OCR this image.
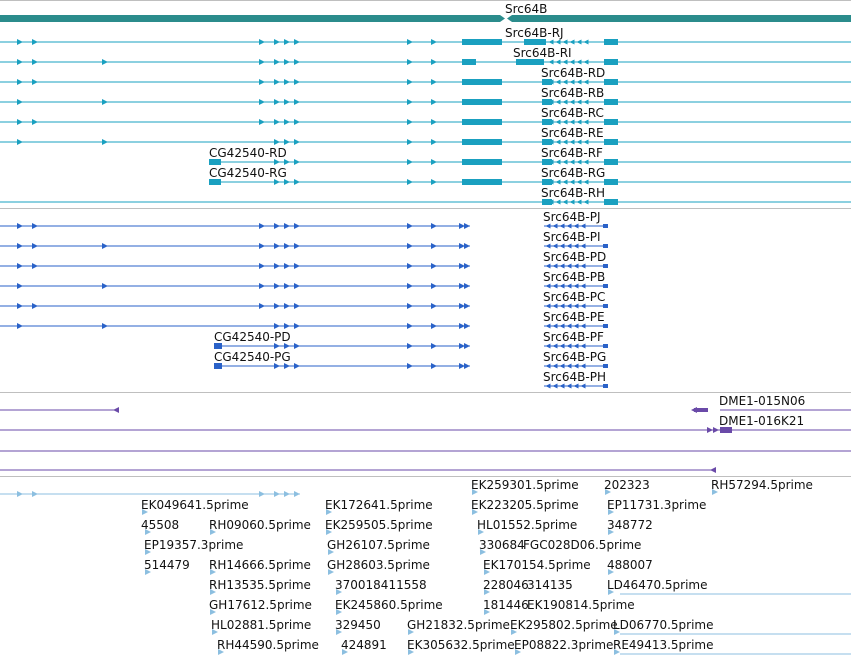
Src64B
Src64B-RJ
Src64B-RI
Src64B-RD
Src64B-RB
Src64B-RC
Src64B-RE
Src64B-RF
Src64B-RG
Src64B-RH
CG42540-RD
CG42540-RG
Src64B-PJ
Src64B-PI
Src64B-PD
Src64B-PB
Src64B-PC
Src64B-PE
Src64B-PF
Src64B-PG
Src64B-PH
CG42540-PD
CG42540-PG
DME1-015N06
DME1-016K21
EK049641.5prime
45508
EP19357.3prime
514479
RH09060.5prime
RH14666.5prime
RH13535.5prime
GH17612.5prime
HL02881.5prime
RH44590.5prime
EK172641.5prime
EK259505.5prime
GH26107.5prime
GH28603.5prime
370018411558
EK245860.5prime
329450
424891
GH21832.5prime
EK305632.5prime
EK259301.5prime
EK223205.5prime
HL01552.5prime
330684
FGC028D06.5prime
EK170154.5prime
228046
314135
181446
EK190814.5prime
EK295802.5prime
EP08822.3prime
202323
EP11731.3prime
348772
488007
LD46470.5prime
LD06770.5prime
RE49413.5prime
RH57294.5prime
